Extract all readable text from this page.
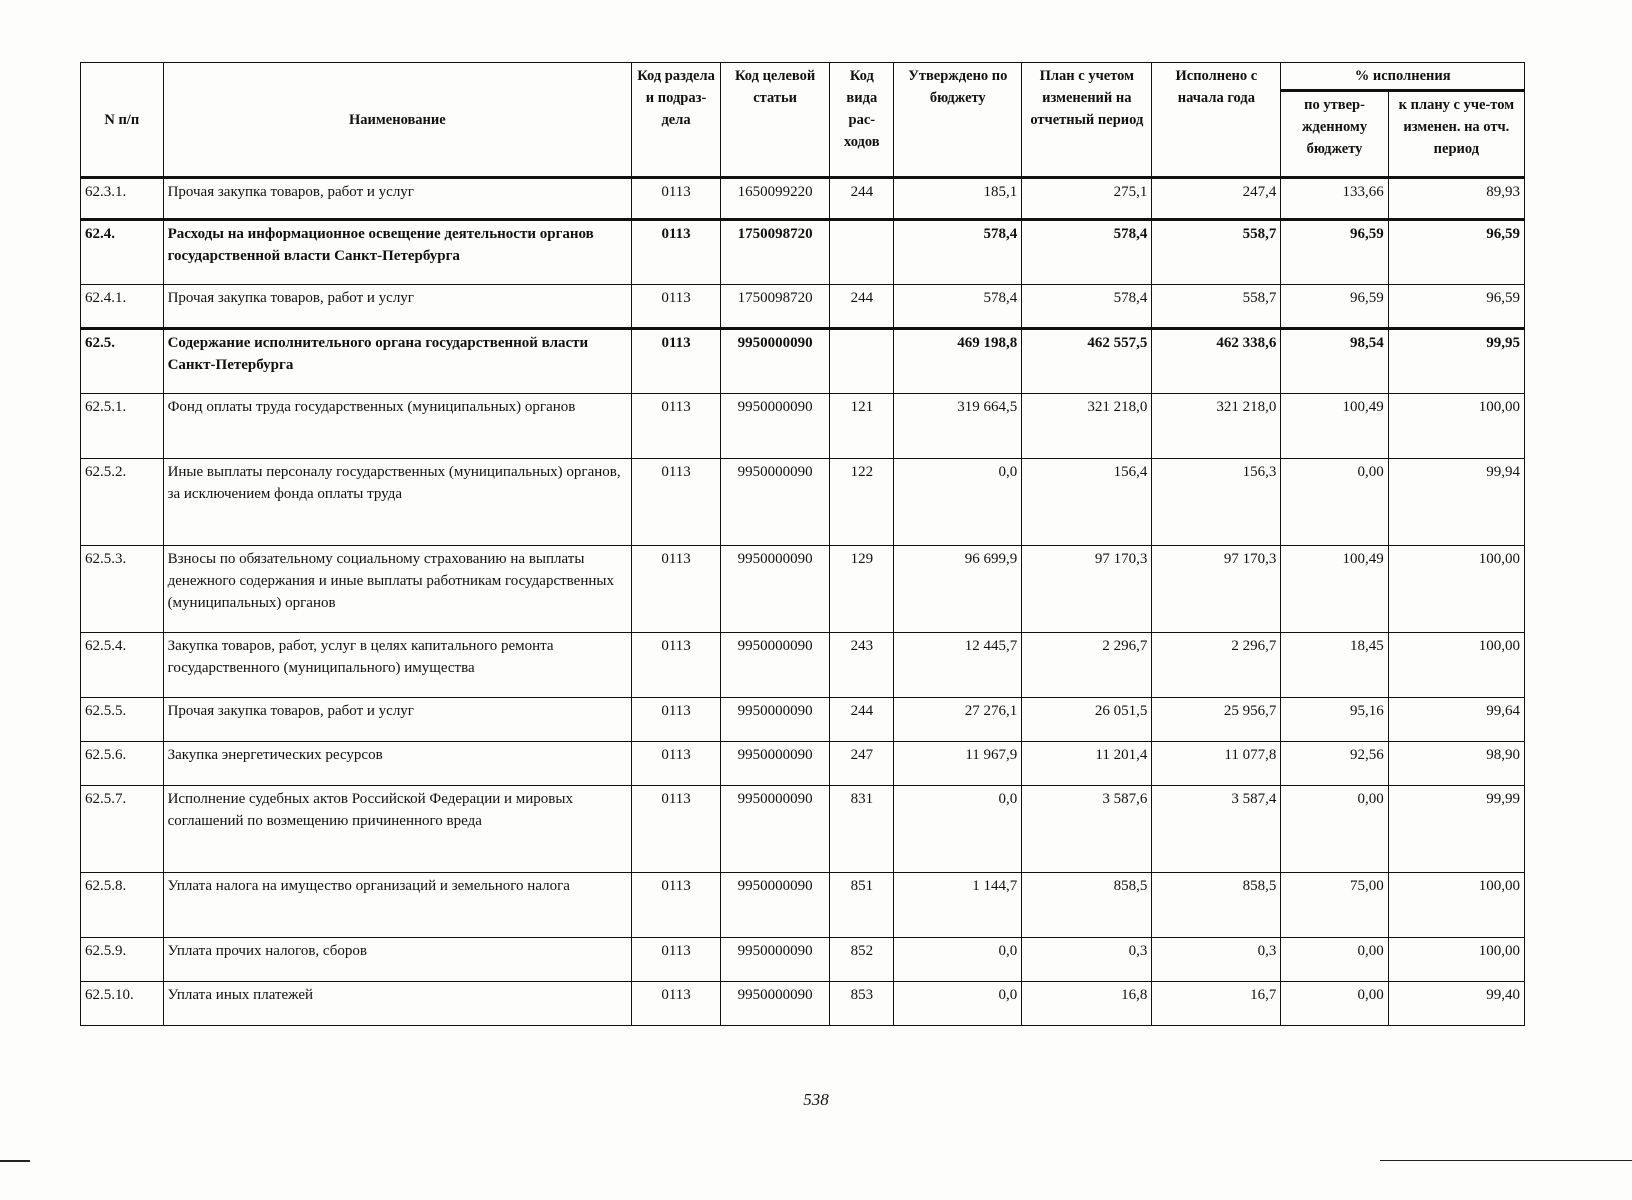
N п/п	Наименование	Код раздела и подраз-дела	Код целевой статьи	Код вида рас-ходов	Утверждено по бюджету	План с учетом изменений на отчетный период	Исполнено с начала года	% исполнения	
								по утвер-жденному бюджету	к плану с уче-том изменен. на отч. период
62.3.1.	Прочая закупка товаров, работ и услуг	0113	1650099220	244	185,1	275,1	247,4	133,66	89,93
62.4.	Расходы на информационное освещение деятельности органов государственной власти Санкт-Петербурга	0113	1750098720		578,4	578,4	558,7	96,59	96,59
62.4.1.	Прочая закупка товаров, работ и услуг	0113	1750098720	244	578,4	578,4	558,7	96,59	96,59
62.5.	Содержание исполнительного органа государственной власти Санкт-Петербурга	0113	9950000090		469 198,8	462 557,5	462 338,6	98,54	99,95
62.5.1.	Фонд оплаты труда государственных (муниципальных) органов	0113	9950000090	121	319 664,5	321 218,0	321 218,0	100,49	100,00
62.5.2.	Иные выплаты персоналу государственных (муниципальных) органов, за исключением фонда оплаты труда	0113	9950000090	122	0,0	156,4	156,3	0,00	99,94
62.5.3.	Взносы по обязательному социальному страхованию на выплаты денежного содержания и иные выплаты работникам государственных (муниципальных) органов	0113	9950000090	129	96 699,9	97 170,3	97 170,3	100,49	100,00
62.5.4.	Закупка товаров, работ, услуг в целях капитального ремонта государственного (муниципального) имущества	0113	9950000090	243	12 445,7	2 296,7	2 296,7	18,45	100,00
62.5.5.	Прочая закупка товаров, работ и услуг	0113	9950000090	244	27 276,1	26 051,5	25 956,7	95,16	99,64
62.5.6.	Закупка энергетических ресурсов	0113	9950000090	247	11 967,9	11 201,4	11 077,8	92,56	98,90
62.5.7.	Исполнение судебных актов Российской Федерации и мировых соглашений по возмещению причиненного вреда	0113	9950000090	831	0,0	3 587,6	3 587,4	0,00	99,99
62.5.8.	Уплата налога на имущество организаций и земельного налога	0113	9950000090	851	1 144,7	858,5	858,5	75,00	100,00
62.5.9.	Уплата прочих налогов, сборов	0113	9950000090	852	0,0	0,3	0,3	0,00	100,00
62.5.10.	Уплата иных платежей	0113	9950000090	853	0,0	16,8	16,7	0,00	99,40
538
